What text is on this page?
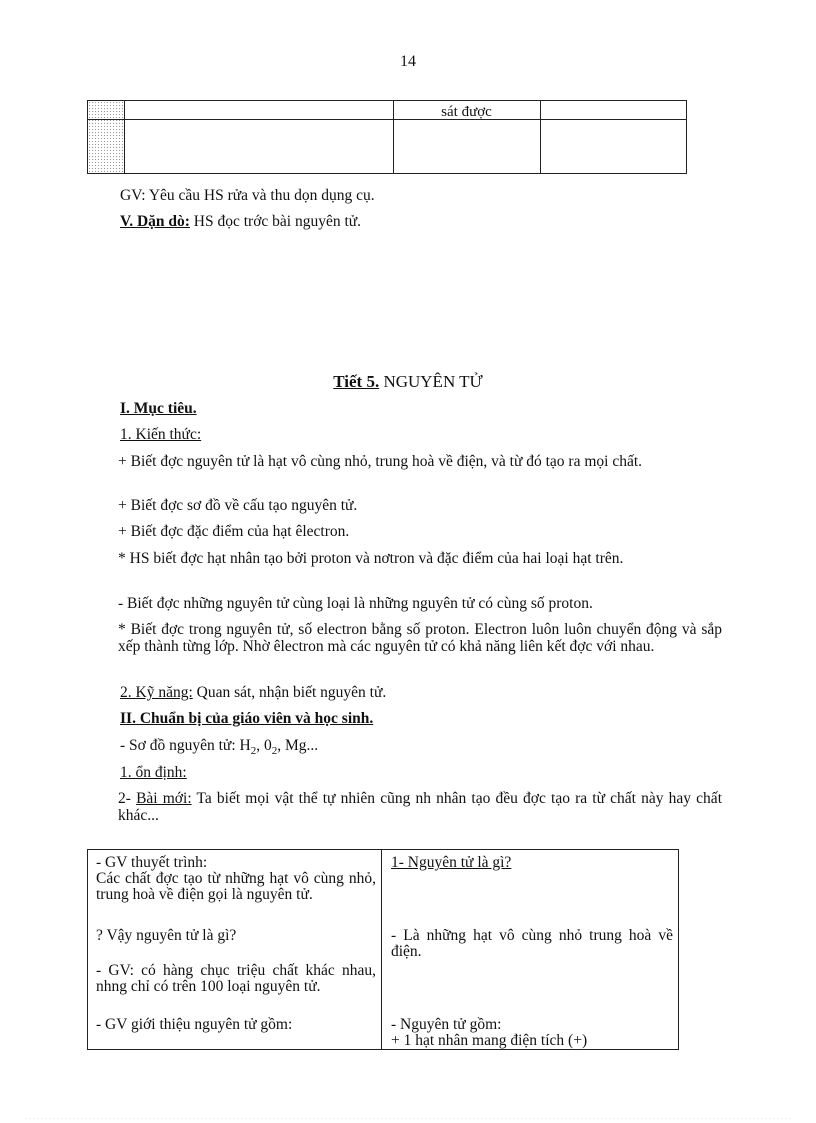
14
sát được
GV: Yêu cầu HS rửa và thu dọn dụng cụ.
V. Dặn dò: HS đọc trớc bài nguyên tử.
Tiết 5. NGUYÊN TỬ
I. Mục tiêu.
1. Kiến thức:
+ Biết đợc nguyên tử là hạt vô cùng nhỏ, trung hoà về điện, và từ đó tạo ra mọi chất.
+ Biết đợc sơ đồ về cấu tạo nguyên tử.
+ Biết đợc đặc điểm của hạt êlectron.
* HS biết đợc hạt nhân tạo bởi proton và nơtron và đặc điểm của hai loại hạt trên.
- Biết đợc những nguyên tử cùng loại là những nguyên tử có cùng số proton.
* Biết đợc trong nguyên tử, số electron bằng số proton. Electron luôn luôn chuyển động và sắp xếp thành từng lớp. Nhờ êlectron mà các nguyên tử có khả năng liên kết đợc với nhau.
2. Kỹ năng: Quan sát, nhận biết nguyên tử.
II. Chuẩn bị của giáo viên và học sinh.
- Sơ đồ nguyên tử: $H_2$, $0_2$, Mg...
1. ổn định:
2- Bài mới: Ta biết mọi vật thể tự nhiên cũng nh nhân tạo đều đợc tạo ra từ chất này hay chất khác...
- GV thuyết trình:
Các chất đợc tạo từ những hạt vô cùng nhỏ, trung hoà về điện gọi là nguyên tử.
? Vậy nguyên tử là gì?
- GV: có hàng chục triệu chất khác nhau, nhng chỉ có trên 100 loại nguyên tử.
- GV giới thiệu nguyên tử gồm:
1- Nguyên tử là gì?
- Là những hạt vô cùng nhỏ trung hoà về điện.
- Nguyên tử gồm:
+ 1 hạt nhân mang điện tích (+)
